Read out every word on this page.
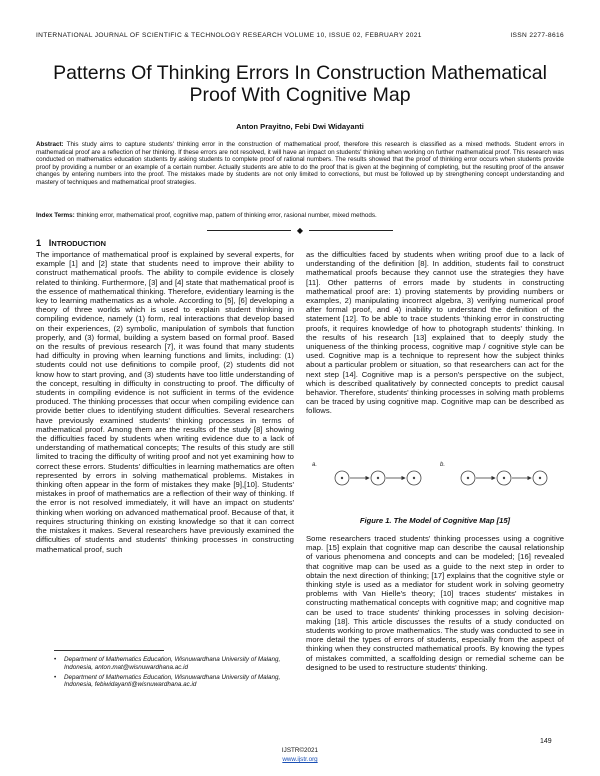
INTERNATIONAL JOURNAL OF SCIENTIFIC & TECHNOLOGY RESEARCH VOLUME 10, ISSUE 02, FEBRUARY 2021	ISSN 2277-8616
Patterns Of Thinking Errors In Construction Mathematical Proof With Cognitive Map
Anton Prayitno, Febi Dwi Widayanti
Abstract: This study aims to capture students' thinking error in the construction of mathematical proof, therefore this research is classified as a mixed methods. Student errors in mathematical proof are a reflection of her thinking. If these errors are not resolved, it will have an impact on students' thinking when working on further mathematical proof. This research was conducted on mathematics education students by asking students to complete proof of rational numbers. The results showed that the proof of thinking error occurs when students provide proof by providing a number or an example of a certain number. Actually students are able to do the proof that is given at the beginning of completing, but the resulting proof of the answer changes by entering numbers into the proof. The mistakes made by students are not only limited to corrections, but must be followed up by strengthening concept understanding and mastery of techniques and mathematical proof strategies.
Index Terms: thinking error, mathematical proof, cognitive map, pattern of thinking error, rasional number, mixed methods.
◆
1 INTRODUCTION

The importance of mathematical proof is explained by several experts, for example [1] and [2] state that students need to improve their ability to construct mathematical proofs. The ability to compile evidence is closely related to thinking. Furthermore, [3] and [4] state that mathematical proof is the essence of mathematical thinking. Therefore, evidentiary learning is the key to learning mathematics as a whole. According to [5], [6] developing a theory of three worlds which is used to explain student thinking in compiling evidence, namely (1) form, real interactions that develop based on their experiences, (2) symbolic, manipulation of symbols that function properly, and (3) formal, building a system based on formal proof. Based on the results of previous research [7], it was found that many students had difficulty in proving when learning functions and limits, including: (1) students could not use definitions to compile proof, (2) students did not know how to start proving, and (3) students have too little understanding of the concept, resulting in difficulty in constructing to proof. The difficulty of students in compiling evidence is not sufficient in terms of the evidence produced. The thinking processes that occur when compiling evidence can provide better clues to identifying student difficulties. Several researchers have previously examined students' thinking processes in terms of mathematical proof. Among them are the results of the study [8] showing the difficulties faced by students when writing evidence due to a lack of understanding of mathematical concepts; The results of this study are still limited to tracing the difficulty of writing proof and not yet examining how to correct these errors. Students' difficulties in learning mathematics are often represented by errors in solving mathematical problems. Mistakes in thinking often appear in the form of mistakes they make [9],[10]. Students' mistakes in proof of mathematics are a reflection of their way of thinking. If the error is not resolved immediately, it will have an impact on students' thinking when working on advanced mathematical proof. Because of that, it requires structuring thinking on existing knowledge so that it can correct the mistakes it makes. Several researchers have previously examined the difficulties of students and students' thinking processes in constructing mathematical proof, such

as the difficulties faced by students when writing proof due to a lack of understanding of the definition [8]. In addition, students fail to construct mathematical proofs because they cannot use the strategies they have [11]. Other patterns of errors made by students in constructing mathematical proof are: 1) proving statements by providing numbers or examples, 2) manipulating incorrect algebra, 3) verifying numerical proof after formal proof, and 4) inability to understand the definition of the statement [12]. To be able to trace students 'thinking error in constructing proofs, it requires knowledge of how to photograph students' thinking. In the results of his research [13] explained that to deeply study the uniqueness of the thinking process, cognitive map / cognitive style can be used. Cognitive map is a technique to represent how the subject thinks about a particular problem or situation, so that researchers can act for the next step [14]. Cognitive map is a person's perspective on the subject, which is described qualitatively by connected concepts to predict causal behavior. Therefore, students' thinking processes in solving math problems can be traced by using cognitive map. Cognitive map can be described as follows.

a.	b.
Figure 1. The Model of Cognitive Map [15]

Some researchers traced students' thinking processes using a cognitive map. [15] explain that cognitive map can describe the causal relationship of various phenomena and concepts and can be modeled; [16] revealed that cognitive map can be used as a guide to the next step in order to obtain the next direction of thinking; [17] explains that the cognitive style or thinking style is used as a mediator for student work in solving geometry problems with Van Hielle's theory; [10] traces students' mistakes in constructing mathematical concepts with cognitive map; and cognitive map can be used to trace students' thinking processes in solving decision-making [18]. This article discusses the results of a study conducted on students working to prove mathematics. The study was conducted to see in more detail the types of errors of students, especially from the aspect of thinking when they constructed mathematical proofs. By knowing the types of mistakes committed, a scaffolding design or remedial scheme can be designed to be used to restructure students' thinking.

• Department of Mathematics Education, Wisnuwardhana University of Malang, Indonesia, anton.mat@wisnuwardhana.ac.id
• Department of Mathematics Education, Wisnuwardhana University of Malang, Indonesia, febiwidayanti@wisnuwardhana.ac.id
149
IJSTR©2021
www.ijstr.org
